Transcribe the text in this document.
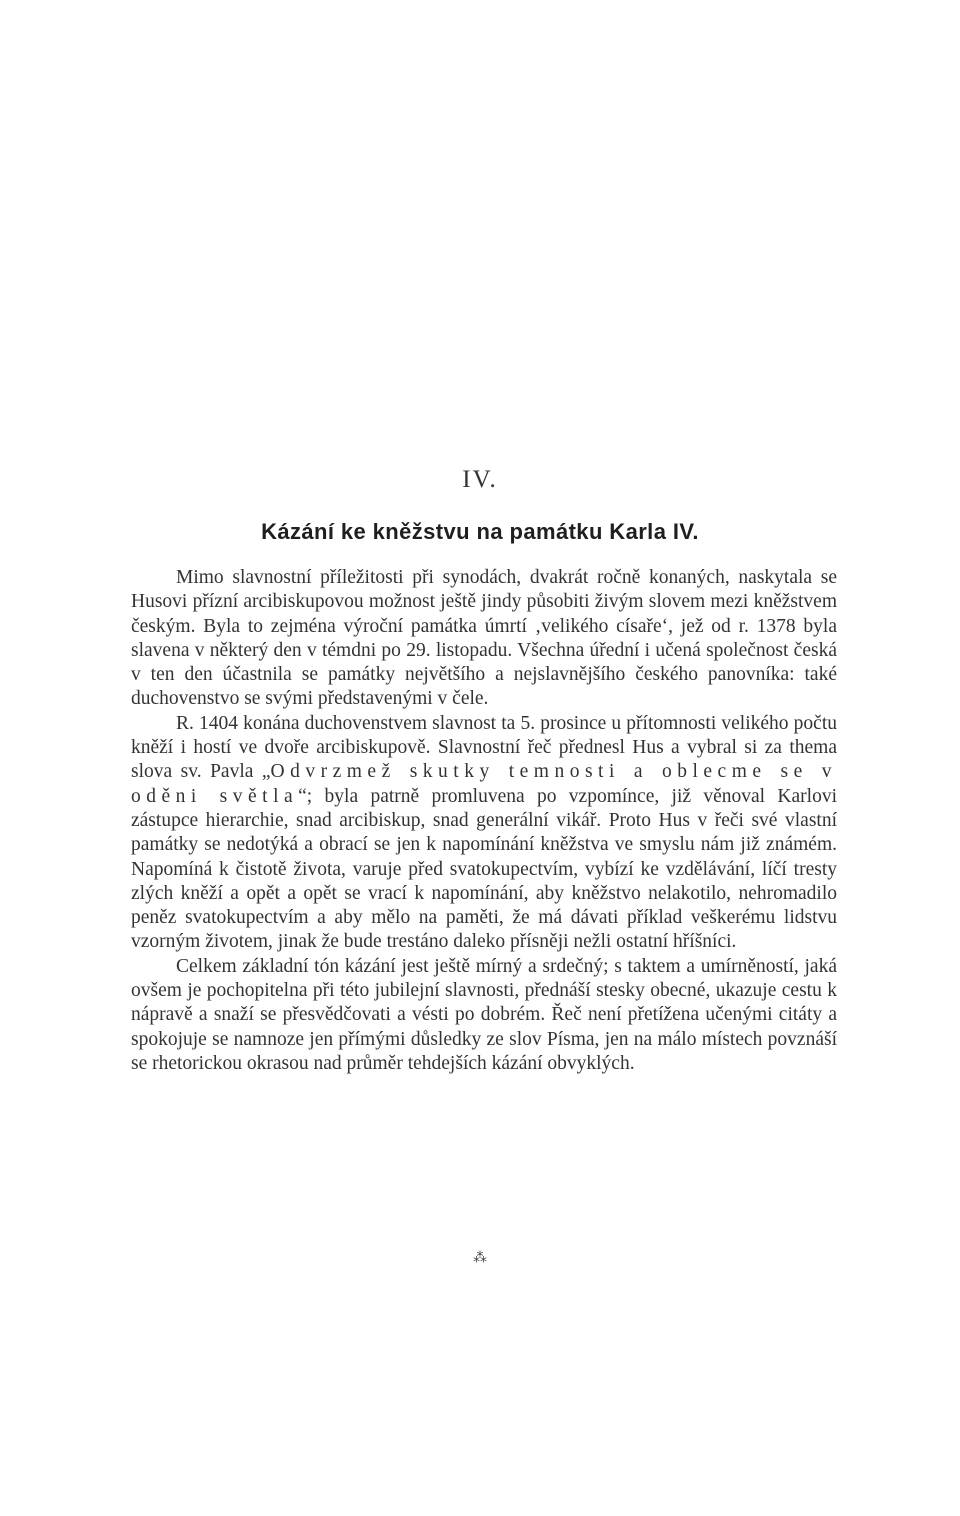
IV.
Kázání ke kněžstvu na památku Karla IV.

Mimo slavnostní příležitosti při synodách, dvakrát ročně konaných, naskytala se Husovi přízní arcibiskupovou možnost ještě jindy působiti živým slovem mezi kněžstvem českým. Byla to zejména výroční památka úmrtí ‚velikého císaře‘, jež od r. 1378 byla slavena v některý den v témdni po 29. listopadu. Všechna úřední i učená společnost česká v ten den účastnila se památky největšího a nejslavnějšího českého panovníka: také duchovenstvo se svými představenými v čele.

R. 1404 konána duchovenstvem slavnost ta 5. prosince u přítomnosti velikého počtu kněží i hostí ve dvoře arcibiskupově. Slavnostní řeč přednesl Hus a vybral si za thema slova sv. Pavla „Odvrzmež skutky temnosti a oblecme se v oděni světla“; byla patrně promluvena po vzpomínce, již věnoval Karlovi zástupce hierarchie, snad arcibiskup, snad generální vikář. Proto Hus v řeči své vlastní památky se nedotýká a obrací se jen k napomínání kněžstva ve smyslu nám již známém. Napomíná k čistotě života, varuje před svatokupectvím, vybízí ke vzdělávání, líčí tresty zlých kněží a opět a opět se vrací k napomínání, aby kněžstvo nelakotilo, nehromadilo peněz svatokupectvím a aby mělo na paměti, že má dávati příklad veškerému lidstvu vzorným životem, jinak že bude trestáno daleko přísněji nežli ostatní hříšníci.

Celkem základní tón kázání jest ještě mírný a srdečný; s taktem a umírněností, jaká ovšem je pochopitelna při této jubilejní slavnosti, přednáší stesky obecné, ukazuje cestu k nápravě a snaží se přesvědčovati a vésti po dobrém. Řeč není přetížena učenými citáty a spokojuje se namnoze jen přímými důsledky ze slov Písma, jen na málo místech povznáší se rhetorickou okrasou nad průměr tehdejších kázání obvyklých.

⁂
